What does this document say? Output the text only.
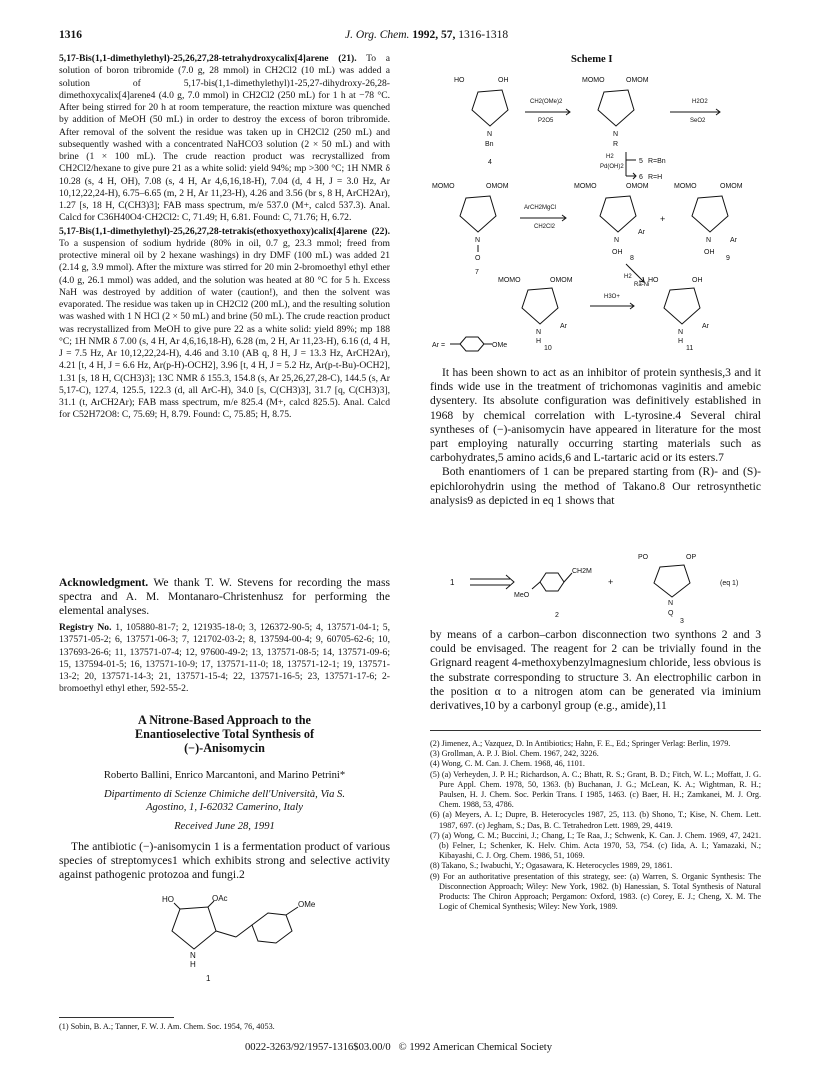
1316	J. Org. Chem. 1992, 57, 1316-1318

5,17-Bis(1,1-dimethylethyl)-25,26,27,28-tetrahydroxycalix[4]arene (21). To a solution of boron tribromide (7.0 g, 28 mmol) in CH2Cl2 (10 mL) was added a solution of 5,17-bis(1,1-dimethylethyl)1-25,27-dihydroxy-26,28-dimethoxycalix[4]arene4 (4.0 g, 7.0 mmol) in CH2Cl2 (250 mL) for 1 h at −78 °C. After being stirred for 20 h at room temperature, the reaction mixture was quenched by addition of MeOH (50 mL) in order to destroy the excess of boron tribromide. After removal of the solvent the residue was taken up in CH2Cl2 (250 mL) and subsequently washed with a concentrated NaHCO3 solution (2 × 50 mL) and with brine (1 × 100 mL). The crude reaction product was recrystallized from CH2Cl2/hexane to give pure 21 as a white solid: yield 94%; mp >300 °C; 1H NMR δ 10.28 (s, 4 H, OH), 7.08 (s, 4 H, Ar 4,6,16,18-H), 7.04 (d, 4 H, J = 3.0 Hz, Ar 10,12,22,24-H), 6.75–6.65 (m, 2 H, Ar 11,23-H), 4.26 and 3.56 (br s, 8 H, ArCH2Ar), 1.27 [s, 18 H, C(CH3)3]; FAB mass spectrum, m/e 537.0 (M+, calcd 537.3). Anal. Calcd for C36H40O4·CH2Cl2: C, 71.49; H, 6.81. Found: C, 71.76; H, 6.72.

5,17-Bis(1,1-dimethylethyl)-25,26,27,28-tetrakis(ethoxyethoxy)calix[4]arene (22). To a suspension of sodium hydride (80% in oil, 0.7 g, 23.3 mmol; freed from protective mineral oil by 2 hexane washings) in dry DMF (100 mL) was added 21 (2.14 g, 3.9 mmol). After the mixture was stirred for 20 min 2-bromoethyl ethyl ether (4.0 g, 26.1 mmol) was added, and the solution was heated at 80 °C for 5 h. Excess NaH was destroyed by addition of water (caution!), and then the solvent was evaporated. The residue was taken up in CH2Cl2 (200 mL), and the resulting solution was washed with 1 N HCl (2 × 50 mL) and brine (50 mL). The crude reaction product was recrystallized from MeOH to give pure 22 as a white solid: yield 89%; mp 188 °C; 1H NMR δ 7.00 (s, 4 H, Ar 4,6,16,18-H), 6.28 (m, 2 H, Ar 11,23-H), 6.16 (d, 4 H, J = 7.5 Hz, Ar 10,12,22,24-H), 4.46 and 3.10 (AB q, 8 H, J = 13.3 Hz, ArCH2Ar), 4.21 [t, 4 H, J = 6.6 Hz, Ar(p-H)-OCH2], 3.96 [t, 4 H, J = 5.2 Hz, Ar(p-t-Bu)-OCH2], 1.31 [s, 18 H, C(CH3)3]; 13C NMR δ 155.3, 154.8 (s, Ar 25,26,27,28-C), 144.5 (s, Ar 5,17-C), 127.4, 125.5, 122.3 (d, all ArC-H), 34.0 [s, C(CH3)3], 31.7 [q, C(CH3)3], 31.1 (t, ArCH2Ar); FAB mass spectrum, m/e 825.4 (M+, calcd 825.5). Anal. Calcd for C52H72O8: C, 75.69; H, 8.79. Found: C, 75.85; H, 8.75.

Acknowledgment. We thank T. W. Stevens for recording the mass spectra and A. M. Montanaro-Christenhusz for performing the elemental analyses.

Registry No. 1, 105880-81-7; 2, 121935-18-0; 3, 126372-90-5; 4, 137571-04-1; 5, 137571-05-2; 6, 137571-06-3; 7, 121702-03-2; 8, 137594-00-4; 9, 60705-62-6; 10, 137693-26-6; 11, 137571-07-4; 12, 97600-49-2; 13, 137571-08-5; 14, 137571-09-6; 15, 137594-01-5; 16, 137571-10-9; 17, 137571-11-0; 18, 137571-12-1; 19, 137571-13-2; 20, 137571-14-3; 21, 137571-15-4; 22, 137571-16-5; 23, 137571-17-6; 2-bromoethyl ethyl ether, 592-55-2.

A Nitrone-Based Approach to the
Enantioselective Total Synthesis of
(−)-Anisomycin
Roberto Ballini, Enrico Marcantoni, and Marino Petrini*
Dipartimento di Scienze Chimiche dell'Università, Via S.
Agostino, 1, I-62032 Camerino, Italy
Received June 28, 1991

The antibiotic (−)-anisomycin 1 is a fermentation product of various species of streptomyces1 which exhibits strong and selective activity against pathogenic protozoa and fungi.2

HO	OAc
OMe
N
H
1
(1) Sobin, B. A.; Tanner, F. W. J. Am. Chem. Soc. 1954, 76, 4053.
Scheme I
HO	OH
N
Bn
4
CH2(OMe)2
P2O5
MOMO	OMOM
N
R
H2O2
SeO2
H2
Pd(OH)2
5 R=Bn
6 R=H
MOMO	OMOM
N
O
7
ArCH2MgCl
CH2Cl2
MOMO	OMOM
N
OH
Ar
8
+
MOMO	OMOM
N
OH
Ar
9
H2
Ra-Ni
MOMO	OMOM
N
H
Ar
10
H3O+
HO	OH
N
H
Ar
11
Ar =	OMe

It has been shown to act as an inhibitor of protein synthesis,3 and it finds wide use in the treatment of trichomonas vaginitis and amebic dysentery. Its absolute configuration was definitively established in 1968 by chemical correlation with L-tyrosine.4 Several chiral syntheses of (−)-anisomycin have appeared in literature for the most part employing naturally occurring starting materials such as carbohydrates,5 amino acids,6 and L-tartaric acid or its esters.7

Both enantiomers of 1 can be prepared starting from (R)- and (S)-epichlorohydrin using the method of Takano.8 Our retrosynthetic analysis9 as depicted in eq 1 shows that

1
CH2M
MeO
2
+
PO	OP
N
Q
3
(eq 1)

by means of a carbon–carbon disconnection two synthons 2 and 3 could be envisaged. The reagent for 2 can be trivially found in the Grignard reagent 4-methoxybenzylmagnesium chloride, less obvious is the substrate corresponding to structure 3. An electrophilic carbon in the position α to a nitrogen atom can be generated via iminium derivatives,10 by a carbonyl group (e.g., amide),11

(2) Jimenez, A.; Vazquez, D. In Antibiotics; Hahn, F. E., Ed.; Springer Verlag: Berlin, 1979.

(3) Grollman, A. P. J. Biol. Chem. 1967, 242, 3226.

(4) Wong, C. M. Can. J. Chem. 1968, 46, 1101.

(5) (a) Verheyden, J. P. H.; Richardson, A. C.; Bhatt, R. S.; Grant, B. D.; Fitch, W. L.; Moffatt, J. G. Pure Appl. Chem. 1978, 50, 1363. (b) Buchanan, J. G.; McLean, K. A.; Wightman, R. H.; Paulsen, H. J. Chem. Soc. Perkin Trans. I 1985, 1463. (c) Baer, H. H.; Zamkanei, M. J. Org. Chem. 1988, 53, 4786.

(6) (a) Meyers, A. I.; Dupre, B. Heterocycles 1987, 25, 113. (b) Shono, T.; Kise, N. Chem. Lett. 1987, 697. (c) Jegham, S.; Das, B. C. Tetrahedron Lett. 1989, 29, 4419.

(7) (a) Wong, C. M.; Buccini, J.; Chang, I.; Te Raa, J.; Schwenk, K. Can. J. Chem. 1969, 47, 2421. (b) Felner, I.; Schenker, K. Helv. Chim. Acta 1970, 53, 754. (c) Iida, A. I.; Yamazaki, N.; Kibayashi, C. J. Org. Chem. 1986, 51, 1069.

(8) Takano, S.; Iwabuchi, Y.; Ogasawara, K. Heterocycles 1989, 29, 1861.

(9) For an authoritative presentation of this strategy, see: (a) Warren, S. Organic Synthesis: The Disconnection Approach; Wiley: New York, 1982. (b) Hanessian, S. Total Synthesis of Natural Products: The Chiron Approach; Pergamon: Oxford, 1983. (c) Corey, E. J.; Cheng, X. M. The Logic of Chemical Synthesis; Wiley: New York, 1989.

0022-3263/92/1957-1316$03.00/0 © 1992 American Chemical Society
